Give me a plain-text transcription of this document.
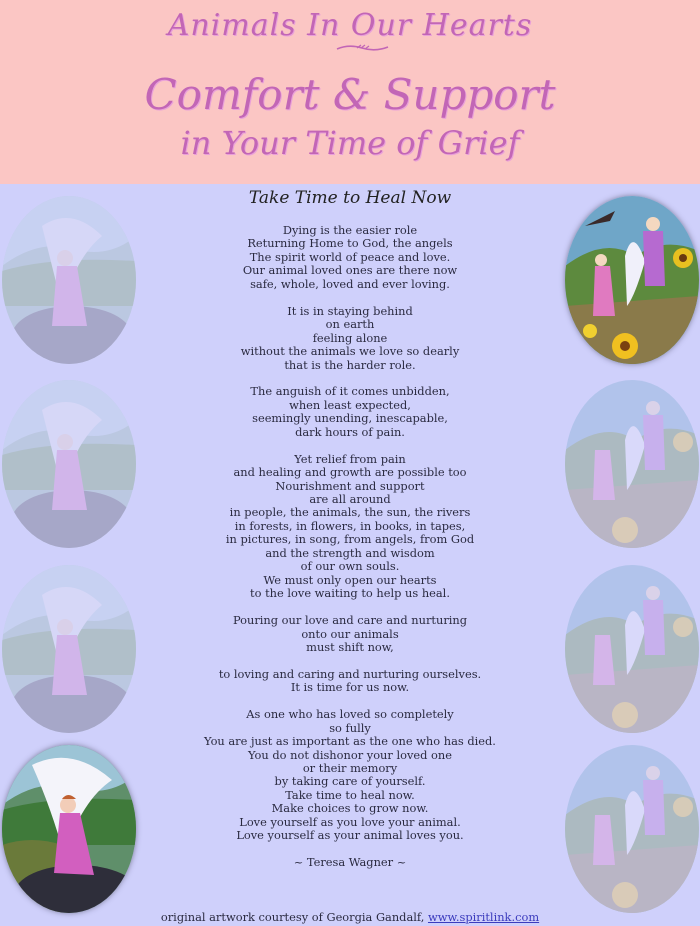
Animals In Our Hearts
Comfort & Support
in Your Time of Grief
Take Time to Heal Now
Dying is the easier role
Returning Home to God, the angels
The spirit world of peace and love.
Our animal loved ones are there now
safe, whole, loved and ever loving.
It is in staying behind
on earth
feeling alone
without the animals we love so dearly
that is the harder role.
The anguish of it comes unbidden,
when least expected,
seemingly unending, inescapable,
dark hours of pain.
Yet relief from pain
and healing and growth are possible too
Nourishment and support
are all around
in people, the animals, the sun, the rivers
in forests, in flowers, in books, in tapes,
in pictures, in song, from angels, from God
and the strength and wisdom
of our own souls.
We must only open our hearts
to the love waiting to help us heal.
Pouring our love and care and nurturing
onto our animals
must shift now,
to loving and caring and nurturing ourselves.
It is time for us now.
As one who has loved so completely
so fully
You are just as important as the one who has died.
You do not dishonor your loved one
or their memory
by taking care of yourself.
Take time to heal now.
Make choices to grow now.
Love yourself as you love your animal.
Love yourself as your animal loves you.
~ Teresa Wagner ~
original artwork courtesy of Georgia Gandalf, www.spiritlink.com
